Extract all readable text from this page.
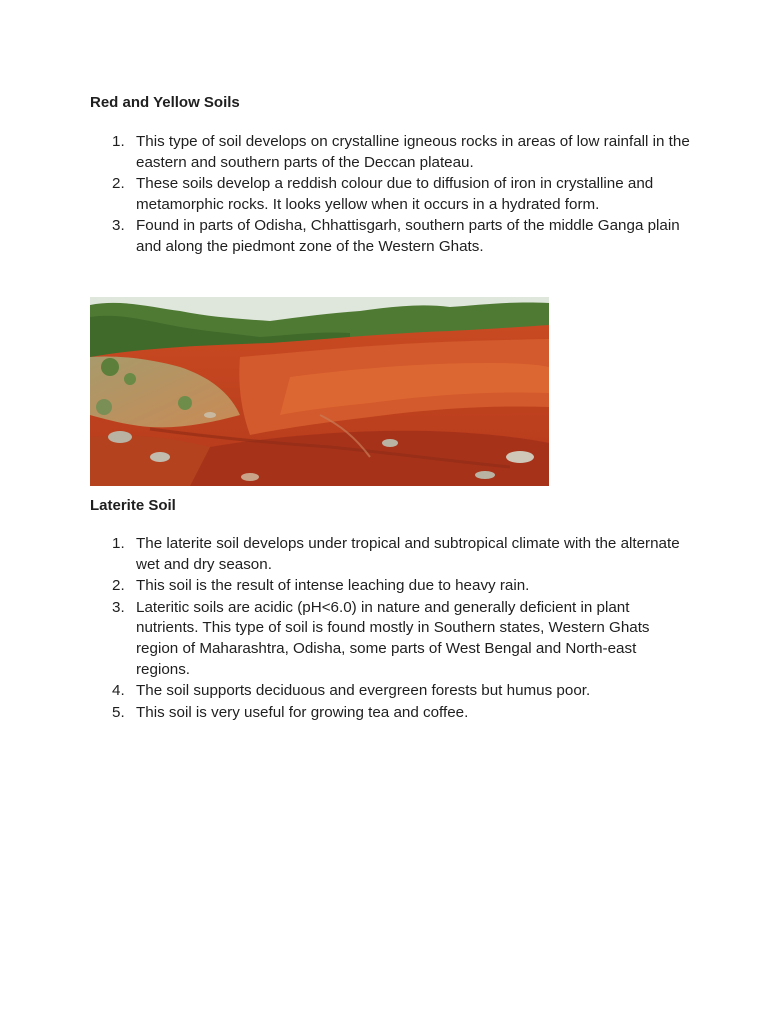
Red and Yellow Soils
1. This type of soil develops on crystalline igneous rocks in areas of low rainfall in the eastern and southern parts of the Deccan plateau.
2. These soils develop a reddish colour due to diffusion of iron in crystalline and metamorphic rocks. It looks yellow when it occurs in a hydrated form.
3. Found in parts of Odisha, Chhattisgarh, southern parts of the middle Ganga plain and along the piedmont zone of the Western Ghats.
Laterite Soil
1. The laterite soil develops under tropical and subtropical climate with the alternate wet and dry season.
2. This soil is the result of intense leaching due to heavy rain.
3. Lateritic soils are acidic (pH<6.0) in nature and generally deficient in plant nutrients. This type of soil is found mostly in Southern states, Western Ghats region of Maharashtra, Odisha, some parts of West Bengal and North-east regions.
4. The soil supports deciduous and evergreen forests but humus poor.
5. This soil is very useful for growing tea and coffee.
